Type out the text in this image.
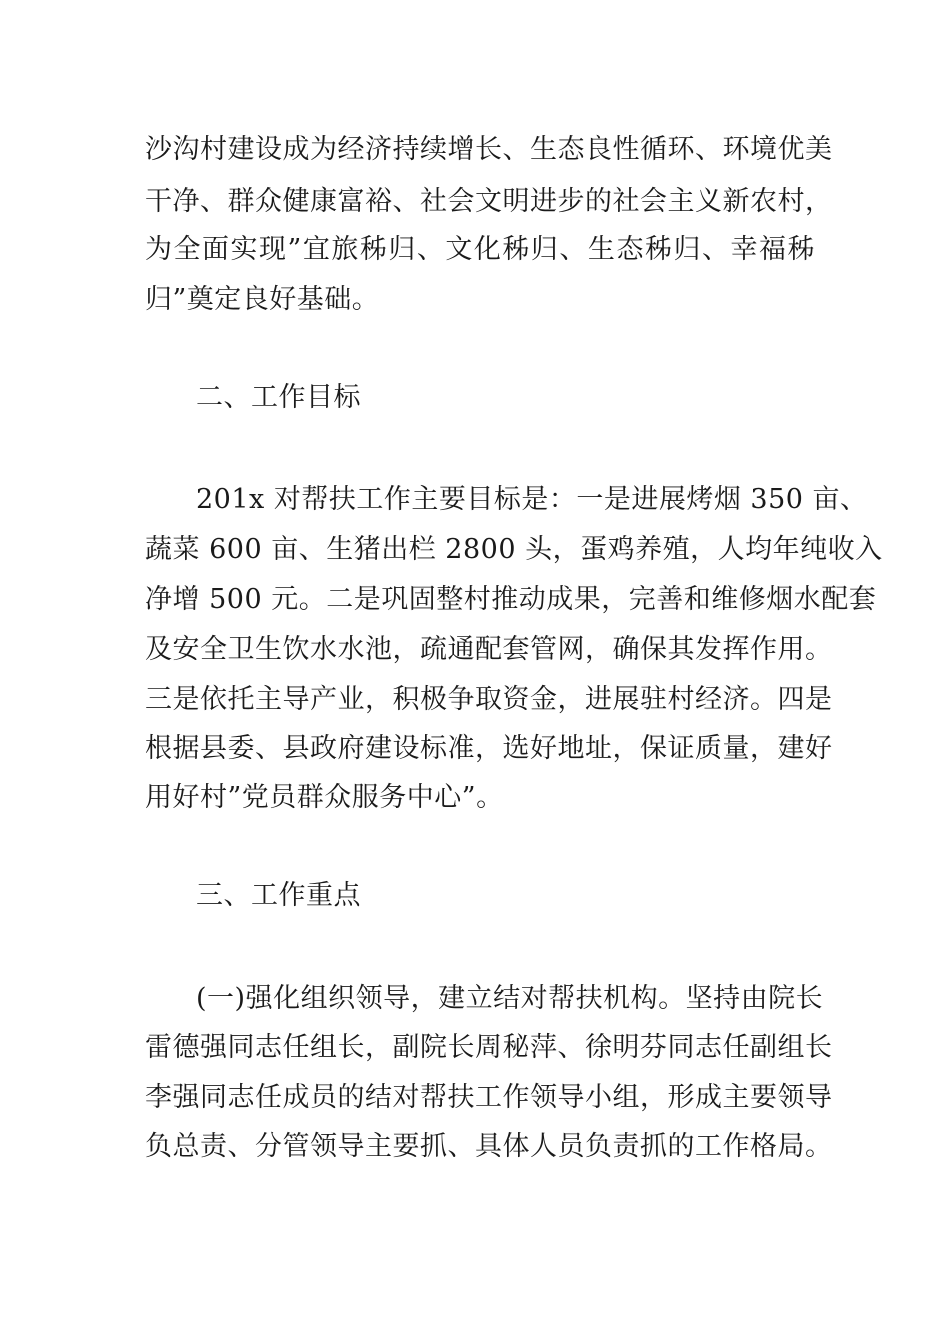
沙沟村建设成为经济持续增长、生态良性循环、环境优美

干净、群众健康富裕、社会文明进步的社会主义新农村，

为全面实现”宜旅秭归、文化秭归、生态秭归、幸福秭

归”奠定良好基础。

二、工作目标

201x 对帮扶工作主要目标是：一是进展烤烟 350 亩、

蔬菜 600 亩、生猪出栏 2800 头，蛋鸡养殖，人均年纯收入

净增 500 元。二是巩固整村推动成果，完善和维修烟水配套

及安全卫生饮水水池，疏通配套管网，确保其发挥作用。

三是依托主导产业，积极争取资金，进展驻村经济。四是

根据县委、县政府建设标准，选好地址，保证质量，建好

用好村”党员群众服务中心”。

三、工作重点

(一)强化组织领导，建立结对帮扶机构。坚持由院长

雷德强同志任组长，副院长周秘萍、徐明芬同志任副组长

李强同志任成员的结对帮扶工作领导小组，形成主要领导

负总责、分管领导主要抓、具体人员负责抓的工作格局。
